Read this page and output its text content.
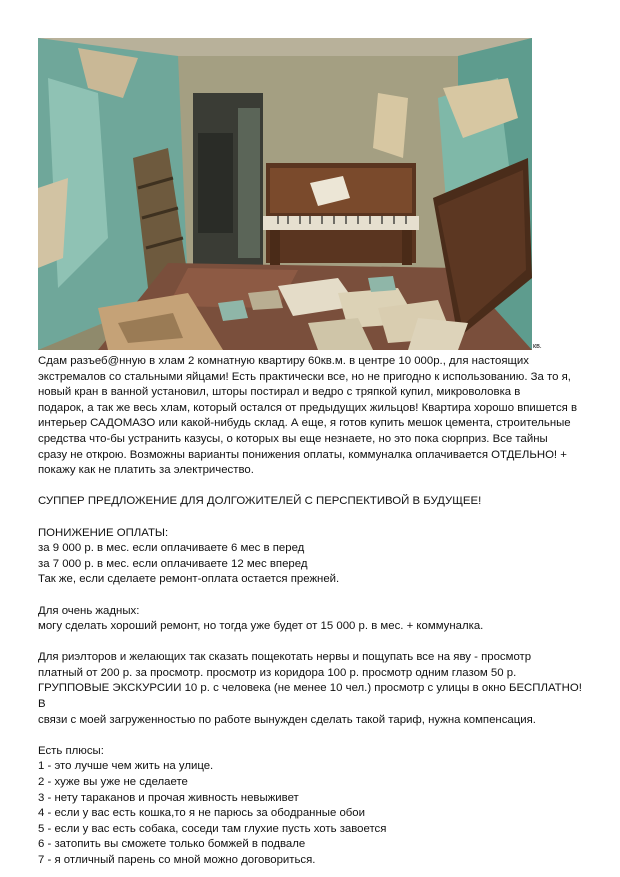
кв.

Сдам разъеб@нную в хлам 2 комнатную квартиру 60кв.м. в центре 10 000р., для настоящих

экстремалов со стальными яйцами! Есть практически все, но не пригодно к использованию. За то я,

новый кран в ванной установил, шторы постирал и ведро с тряпкой купил, микроволовка в

подарок, а так же весь хлам, который остался от предыдущих жильцов! Квартира хорошо впишется в

интерьер САДОМАЗО или какой-нибудь склад. А еще, я готов купить мешок цемента, строительные

средства что-бы устранить казусы, о которых вы еще незнаете, но это пока сюрприз. Все тайны

сразу не открою. Возможны варианты понижения оплаты, коммуналка оплачивается ОТДЕЛЬНО! +

покажу как не платить за электричество.

СУППЕР ПРЕДЛОЖЕНИЕ ДЛЯ ДОЛГОЖИТЕЛЕЙ С ПЕРСПЕКТИВОЙ В БУДУЩЕЕ!

ПОНИЖЕНИЕ ОПЛАТЫ:

за 9 000 р. в мес. если оплачиваете 6 мес в перед

за 7 000 р. в мес. если оплачиваете 12 мес вперед

Так же, если сделаете ремонт-оплата остается прежней.

Для очень жадных:

могу сделать хороший ремонт, но тогда уже будет от 15 000 р. в мес. + коммуналка.

Для риэлторов и желающих так сказать пощекотать нервы и пощупать все на яву - просмотр

платный от 200 р. за просмотр. просмотр из коридора 100 р. просмотр одним глазом 50 р.

ГРУППОВЫЕ ЭКСКУРСИИ 10 р. с человека (не менее 10 чел.) просмотр с улицы в окно БЕСПЛАТНО! В

связи с моей загруженностью по работе вынужден сделать такой тариф, нужна компенсация.

Есть плюсы:

1 - это лучше чем жить на улице.

2 - хуже вы уже не сделаете

3 - нету тараканов и прочая живность невыживет

4 - если у вас есть кошка,то я не парюсь за ободранные обои

5 - если у вас есть собака, соседи там глухие пусть хоть завоется

6 - затопить вы сможете только бомжей в подвале

7 - я отличный парень со мной можно договориться.
